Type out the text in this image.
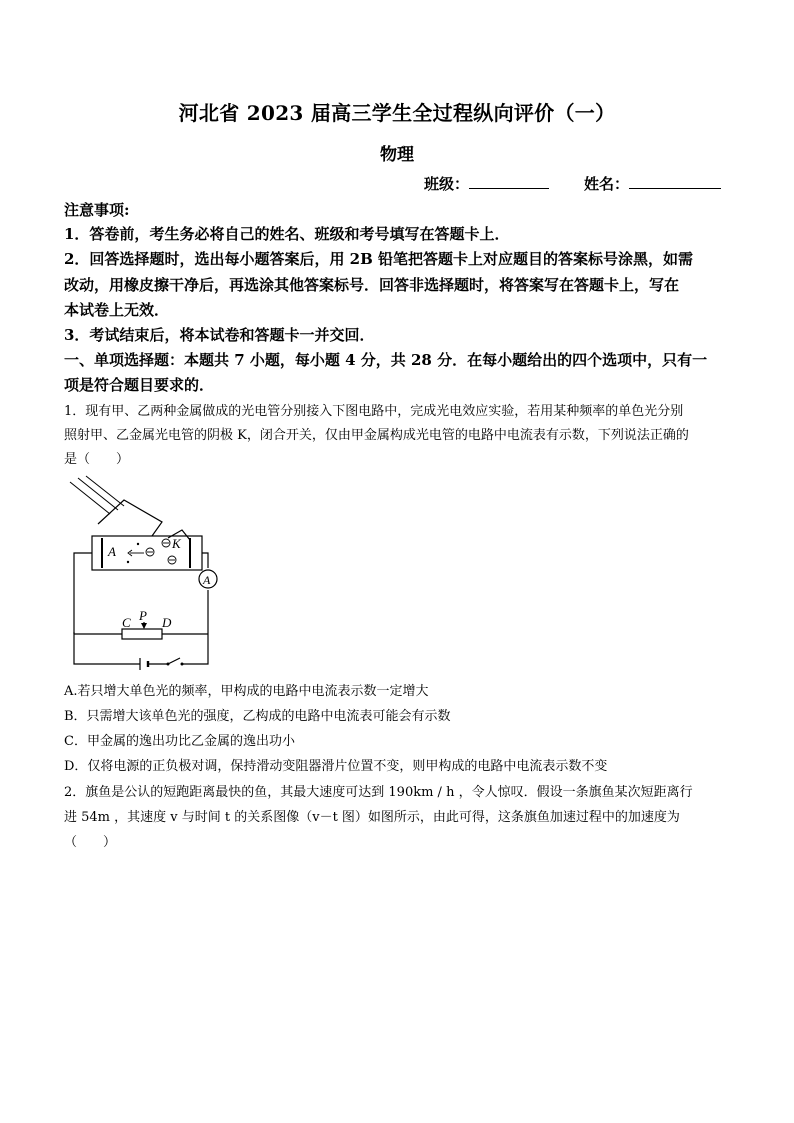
河北省 2023 届高三学生全过程纵向评价（一）
物理
班级：	姓名：
注意事项:
1．答卷前，考生务必将自己的姓名、班级和考号填写在答题卡上．
2．回答选择题时，选出每小题答案后，用 2B 铅笔把答题卡上对应题目的答案标号涂黑，如需
改动，用橡皮擦干净后，再选涂其他答案标号．回答非选择题时，将答案写在答题卡上，写在
本试卷上无效．
3．考试结束后，将本试卷和答题卡一并交回．
一、单项选择题：本题共 7 小题，每小题 4 分，共 28 分．在每小题给出的四个选项中，只有一
项是符合题目要求的．
1．现有甲、乙两种金属做成的光电管分别接入下图电路中，完成光电效应实验，若用某种频率的单色光分别
照射甲、乙金属光电管的阴极 K，闭合开关，仅由甲金属构成光电管的电路中电流表有示数，下列说法正确的
是（　　）
A
K
A
P
C D
A.若只增大单色光的频率，甲构成的电路中电流表示数一定增大
B．只需增大该单色光的强度，乙构成的电路中电流表可能会有示数
C．甲金属的逸出功比乙金属的逸出功小
D．仅将电源的正负极对调，保持滑动变阻器滑片位置不变，则甲构成的电路中电流表示数不变
2．旗鱼是公认的短跑距离最快的鱼，其最大速度可达到 190km / h ，令人惊叹．假设一条旗鱼某次短距离行
进 54m ，其速度 v 与时间 t 的关系图像（v－t 图）如图所示，由此可得，这条旗鱼加速过程中的加速度为
（　　）
